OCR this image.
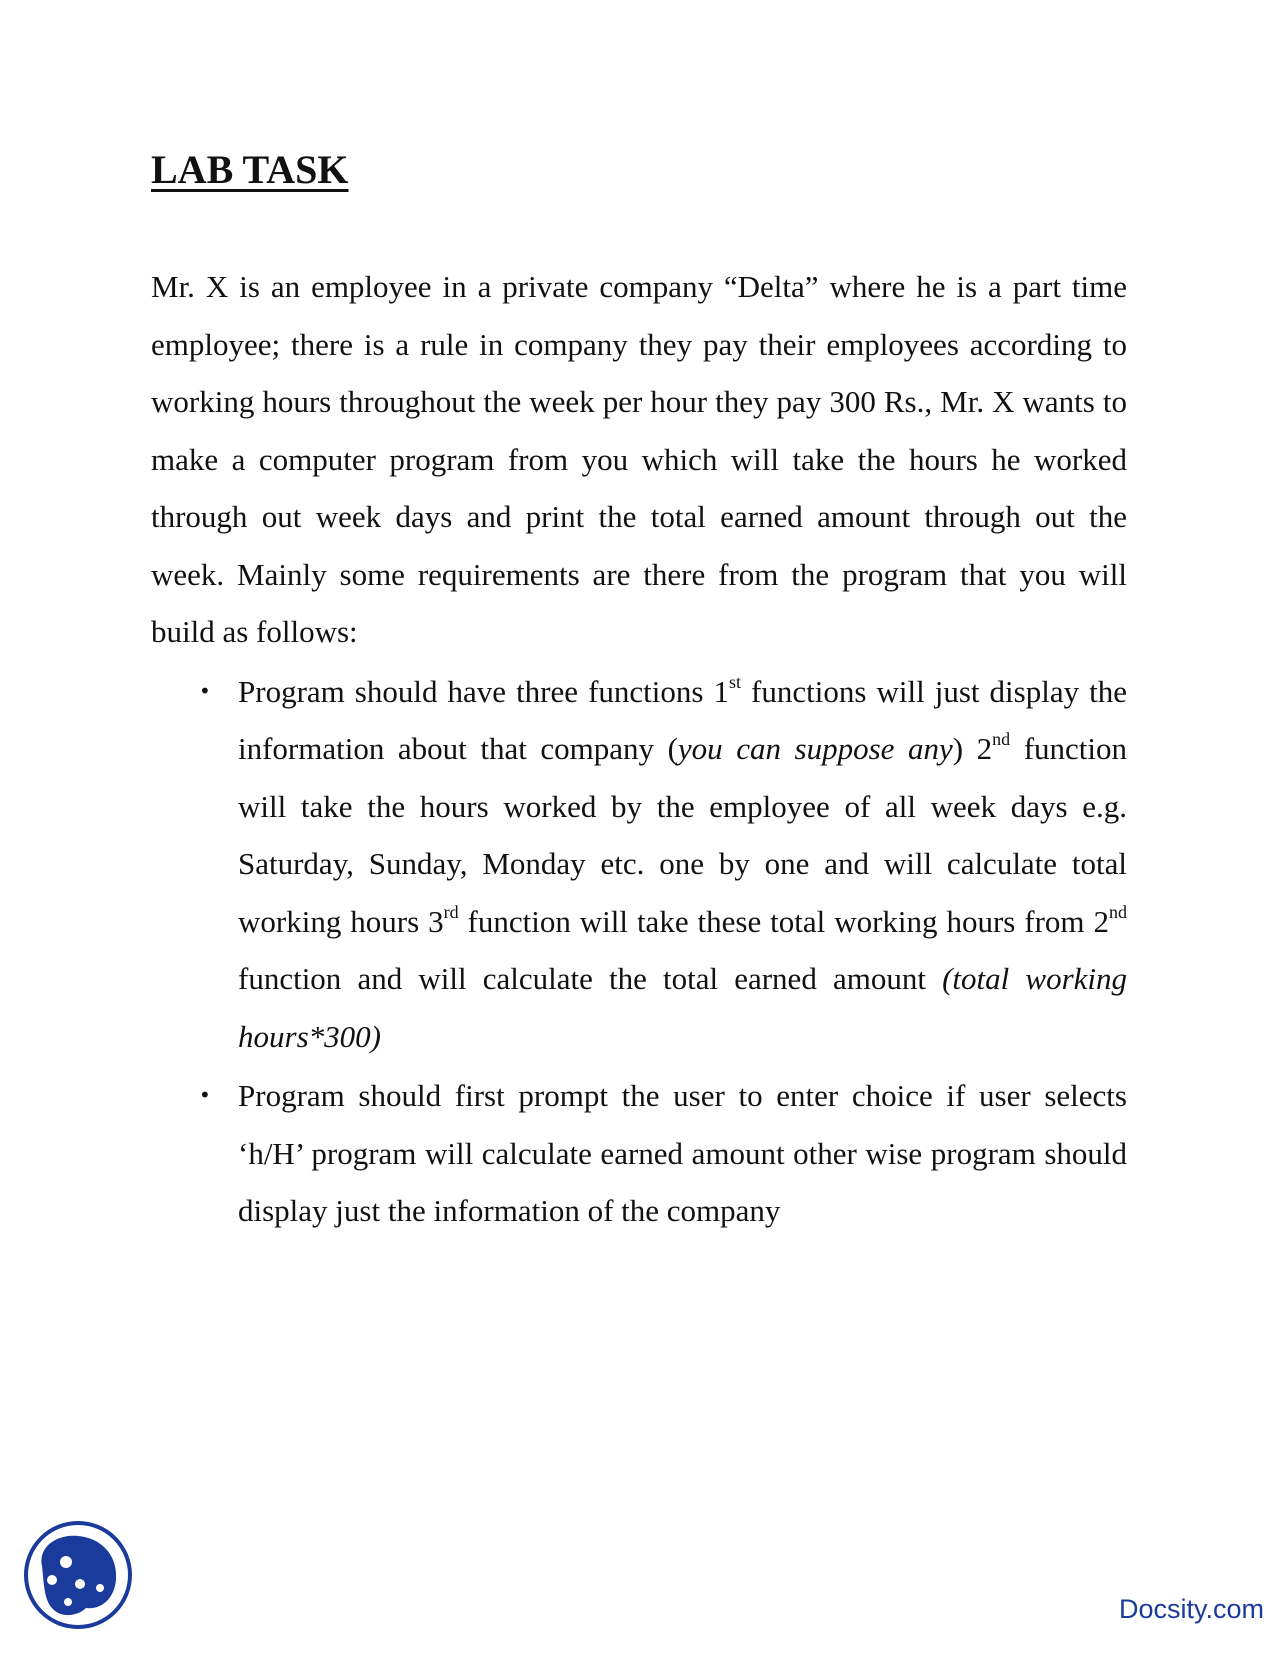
LAB TASK

Mr. X is an employee in a private company “Delta” where he is a part time employee; there is a rule in company they pay their employees according to working hours throughout the week per hour they pay 300 Rs., Mr. X wants to make a computer program from you which will take the hours he worked through out week days and print the total earned amount through out the week. Mainly some requirements are there from the program that you will build as follows:

• Program should have three functions 1st functions will just display the information about that company (you can suppose any) 2nd function will take the hours worked by the employee of all week days e.g. Saturday, Sunday, Monday etc. one by one and will calculate total working hours 3rd function will take these total working hours from 2nd function and will calculate the total earned amount (total working hours*300)
• Program should first prompt the user to enter choice if user selects ‘h/H’ program will calculate earned amount other wise program should display just the information of the company
Docsity.com
